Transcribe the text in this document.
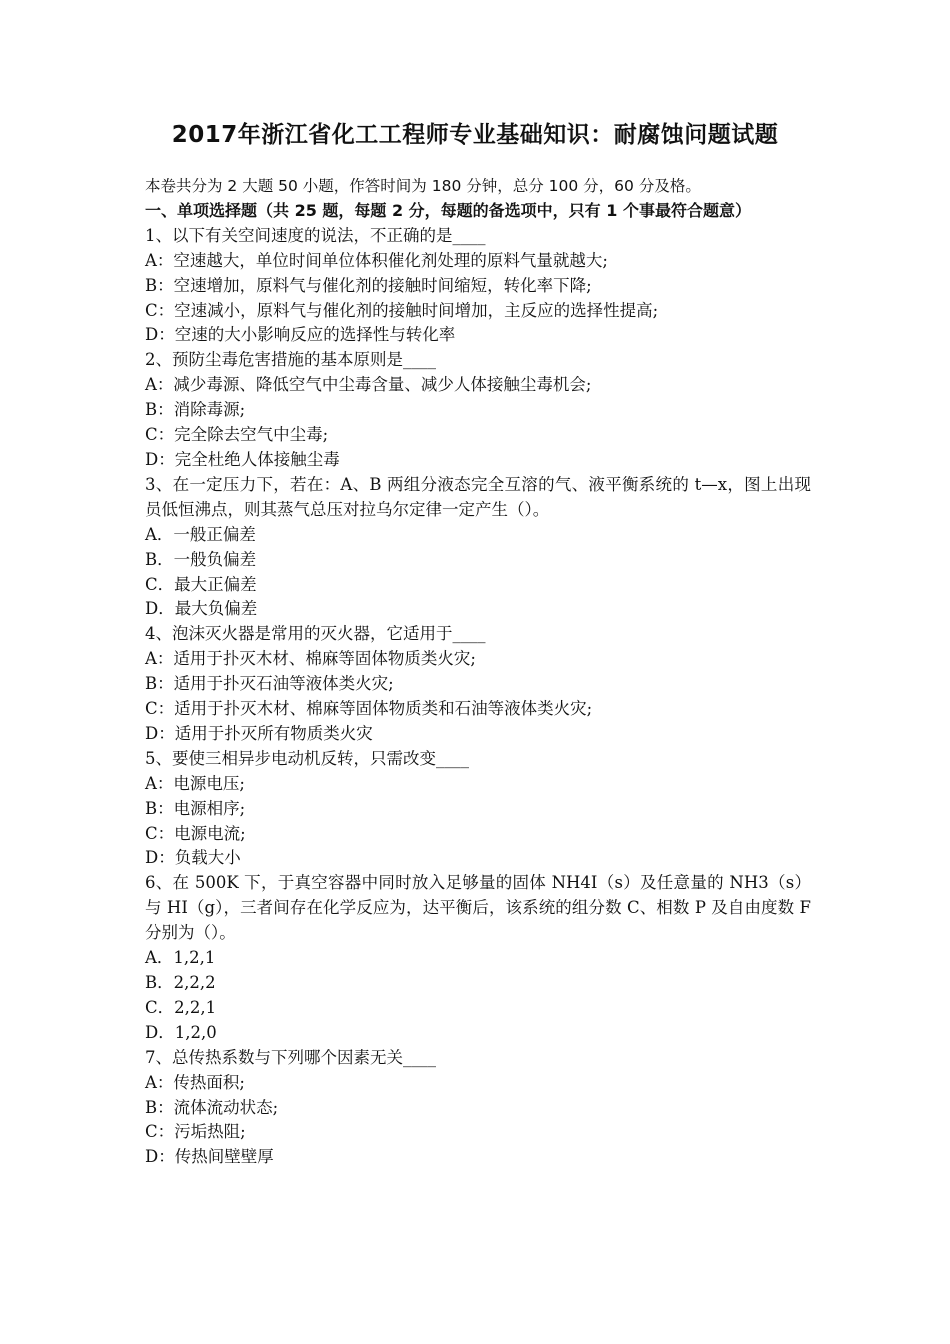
2017年浙江省化工工程师专业基础知识：耐腐蚀问题试题
本卷共分为 2 大题 50 小题，作答时间为 180 分钟，总分 100 分，60 分及格。
一、单项选择题（共 25 题，每题 2 分，每题的备选项中，只有 1 个事最符合题意）
1、以下有关空间速度的说法，不正确的是____
A：空速越大，单位时间单位体积催化剂处理的原料气量就越大;
B：空速增加，原料气与催化剂的接触时间缩短，转化率下降;
C：空速减小，原料气与催化剂的接触时间增加，主反应的选择性提高;
D：空速的大小影响反应的选择性与转化率
2、预防尘毒危害措施的基本原则是____
A：减少毒源、降低空气中尘毒含量、减少人体接触尘毒机会;
B：消除毒源;
C：完全除去空气中尘毒;
D：完全杜绝人体接触尘毒
3、在一定压力下，若在：A、B 两组分液态完全互溶的气、液平衡系统的 t—x，图上出现员低恒沸点，则其蒸气总压对拉乌尔定律一定产生（）。
A．一般正偏差
B．一般负偏差
C．最大正偏差
D．最大负偏差
4、泡沫灭火器是常用的灭火器，它适用于____
A：适用于扑灭木材、棉麻等固体物质类火灾;
B：适用于扑灭石油等液体类火灾;
C：适用于扑灭木材、棉麻等固体物质类和石油等液体类火灾;
D：适用于扑灭所有物质类火灾
5、要使三相异步电动机反转，只需改变____
A：电源电压;
B：电源相序;
C：电源电流;
D：负载大小
6、在 500K 下，于真空容器中同时放入足够量的固体 NH4I（s）及任意量的 NH3（s）与 HI（g），三者间存在化学反应为，达平衡后，该系统的组分数 C、相数 P 及自由度数 F 分别为（）。
A．1,2,1
B．2,2,2
C．2,2,1
D．1,2,0
7、总传热系数与下列哪个因素无关____
A：传热面积;
B：流体流动状态;
C：污垢热阻;
D：传热间壁壁厚
